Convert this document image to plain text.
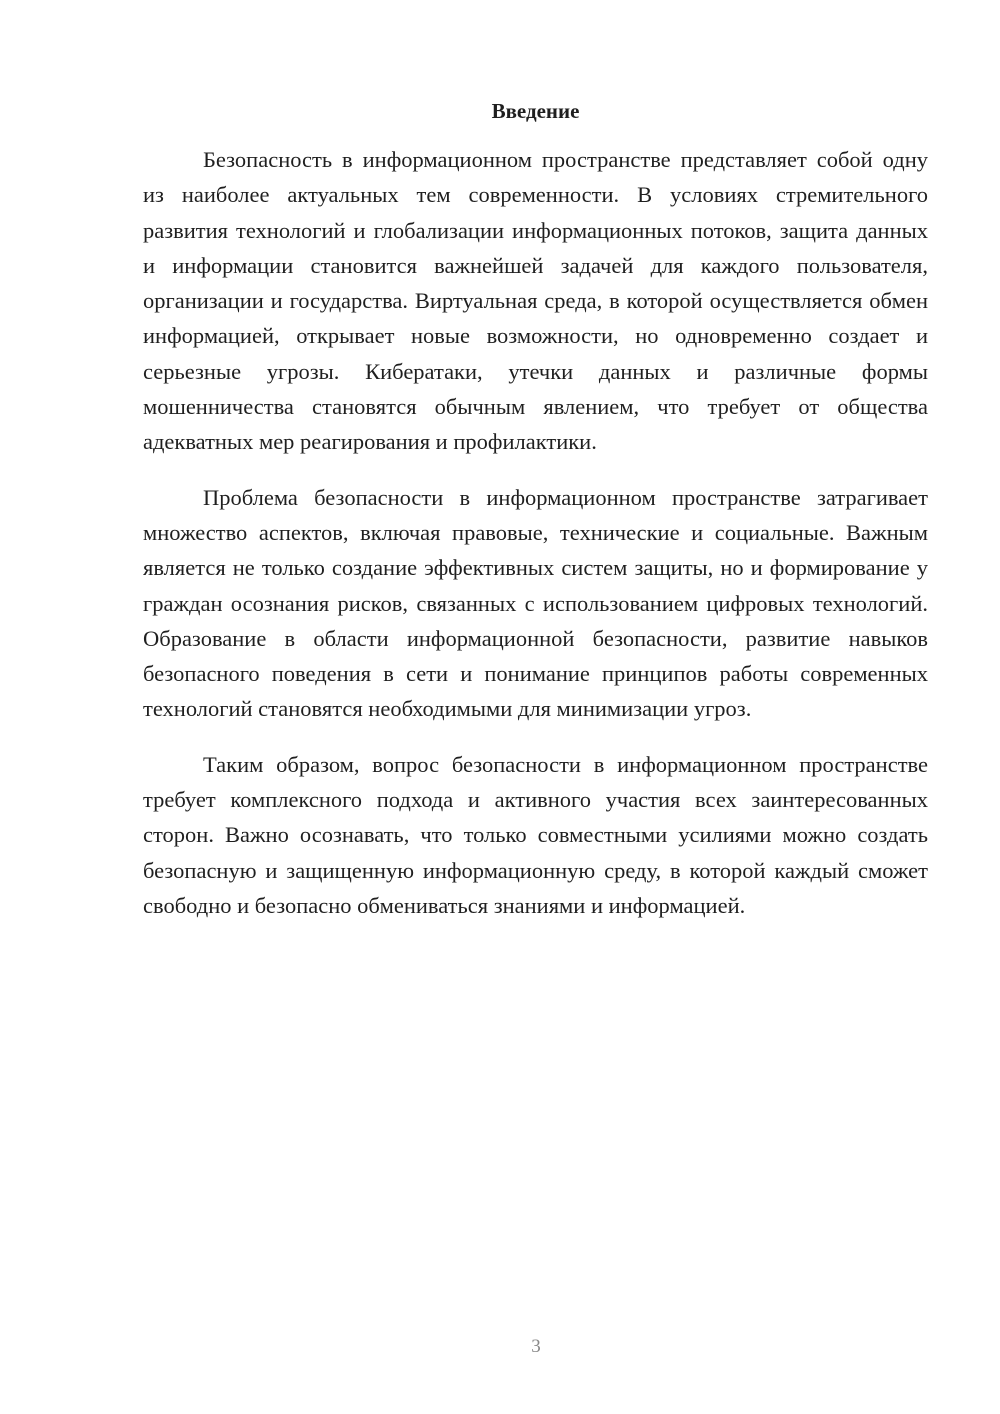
Введение

Безопасность в информационном пространстве представляет собой одну из наиболее актуальных тем современности. В условиях стремительного развития технологий и глобализации информационных потоков, защита данных и информации становится важнейшей задачей для каждого пользователя, организации и государства. Виртуальная среда, в которой осуществляется обмен информацией, открывает новые возможности, но одновременно создает и серьезные угрозы. Кибератаки, утечки данных и различные формы мошенничества становятся обычным явлением, что требует от общества адекватных мер реагирования и профилактики.

Проблема безопасности в информационном пространстве затрагивает множество аспектов, включая правовые, технические и социальные. Важным является не только создание эффективных систем защиты, но и формирование у граждан осознания рисков, связанных с использованием цифровых технологий. Образование в области информационной безопасности, развитие навыков безопасного поведения в сети и понимание принципов работы современных технологий становятся необходимыми для минимизации угроз.

Таким образом, вопрос безопасности в информационном пространстве требует комплексного подхода и активного участия всех заинтересованных сторон. Важно осознавать, что только совместными усилиями можно создать безопасную и защищенную информационную среду, в которой каждый сможет свободно и безопасно обмениваться знаниями и информацией.

3
